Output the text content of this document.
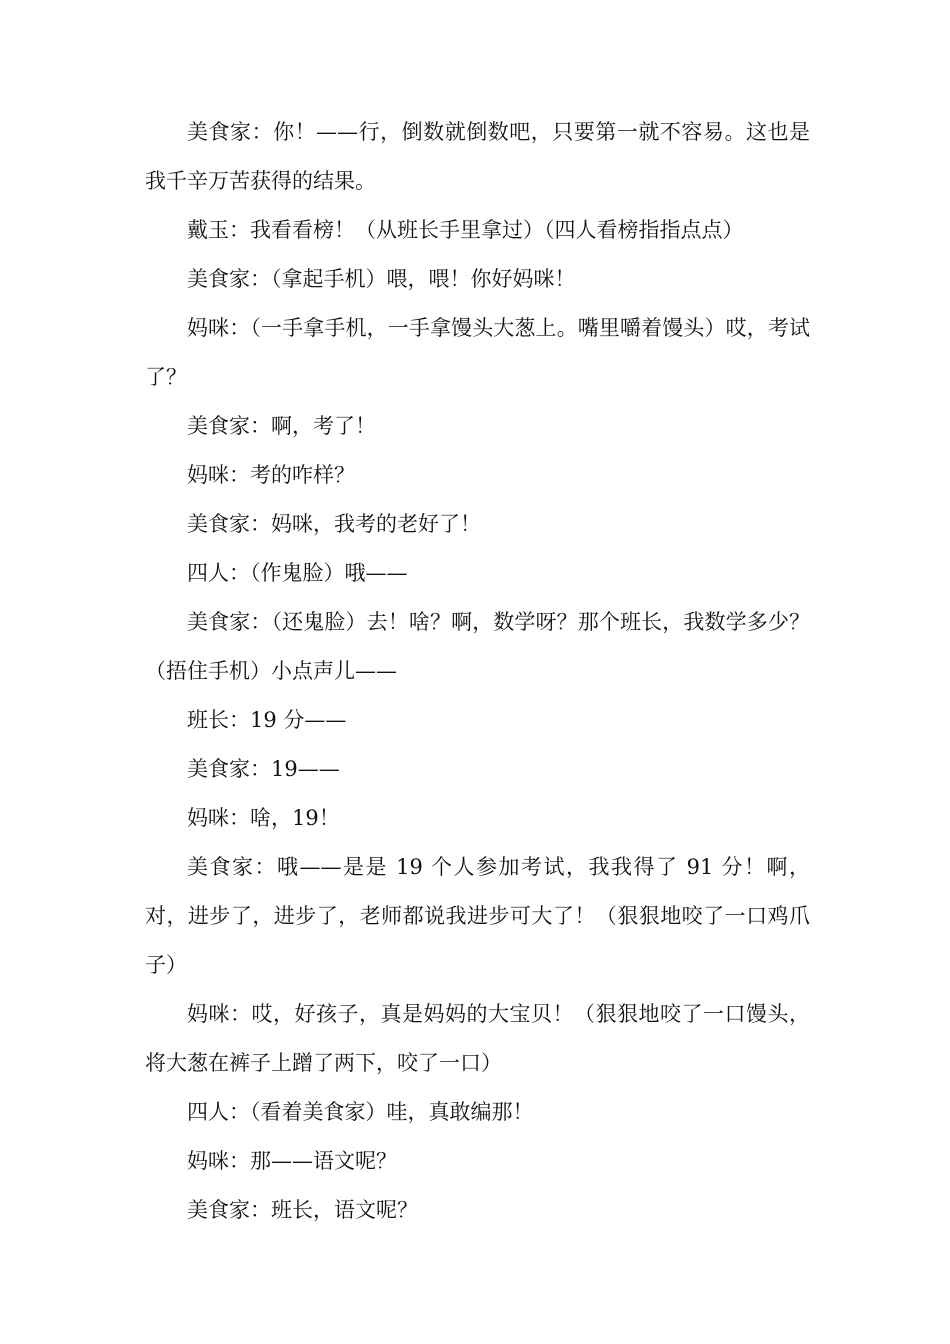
美食家：你！——行，倒数就倒数吧，只要第一就不容易。这也是我千辛万苦获得的结果。

戴玉：我看看榜！（从班长手里拿过）（四人看榜指指点点）

美食家：（拿起手机）喂，喂！你好妈咪！

妈咪：（一手拿手机，一手拿馒头大葱上。嘴里嚼着馒头）哎，考试了？

美食家：啊，考了！

妈咪：考的咋样？

美食家：妈咪，我考的老好了！

四人：（作鬼脸）哦——

美食家：（还鬼脸）去！啥？啊，数学呀？那个班长，我数学多少？（捂住手机）小点声儿——

班长：19 分——

美食家：19——

妈咪：啥，19！

美食家：哦——是是 19 个人参加考试，我我得了 91 分！啊，对，进步了，进步了，老师都说我进步可大了！（狠狠地咬了一口鸡爪子）

妈咪：哎，好孩子，真是妈妈的大宝贝！（狠狠地咬了一口馒头，将大葱在裤子上蹭了两下，咬了一口）

四人：（看着美食家）哇，真敢编那！

妈咪：那——语文呢？

美食家：班长，语文呢？
